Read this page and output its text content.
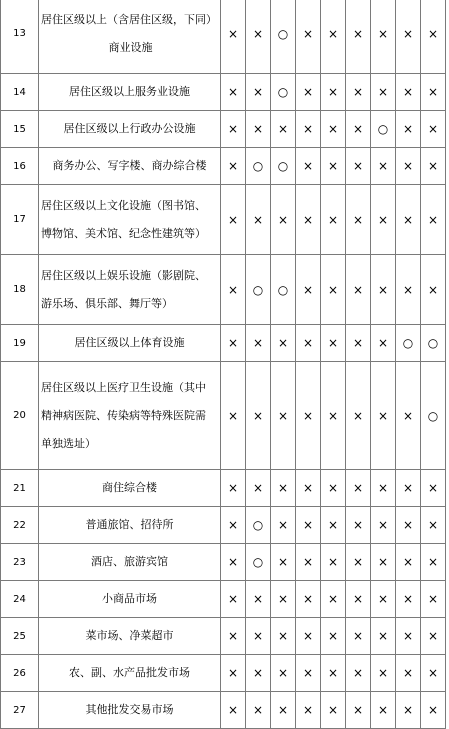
13	居住区级以上（含居住区级，下同）
商业设施	×	×	○	×	×	×	×	×	×
14	居住区级以上服务业设施	×	×	○	×	×	×	×	×	×
15	居住区级以上行政办公设施	×	×	×	×	×	×	○	×	×
16	商务办公、写字楼、商办综合楼	×	○	○	×	×	×	×	×	×
17	居住区级以上文化设施（图书馆、
博物馆、美术馆、纪念性建筑等）	×	×	×	×	×	×	×	×	×
18	居住区级以上娱乐设施（影剧院、
游乐场、俱乐部、舞厅等）	×	○	○	×	×	×	×	×	×
19	居住区级以上体育设施	×	×	×	×	×	×	×	○	○
20	居住区级以上医疗卫生设施（其中
精神病医院、传染病等特殊医院需
单独选址）	×	×	×	×	×	×	×	×	○
21	商住综合楼	×	×	×	×	×	×	×	×	×
22	普通旅馆、招待所	×	○	×	×	×	×	×	×	×
23	酒店、旅游宾馆	×	○	×	×	×	×	×	×	×
24	小商品市场	×	×	×	×	×	×	×	×	×
25	菜市场、净菜超市	×	×	×	×	×	×	×	×	×
26	农、副、水产品批发市场	×	×	×	×	×	×	×	×	×
27	其他批发交易市场	×	×	×	×	×	×	×	×	×
